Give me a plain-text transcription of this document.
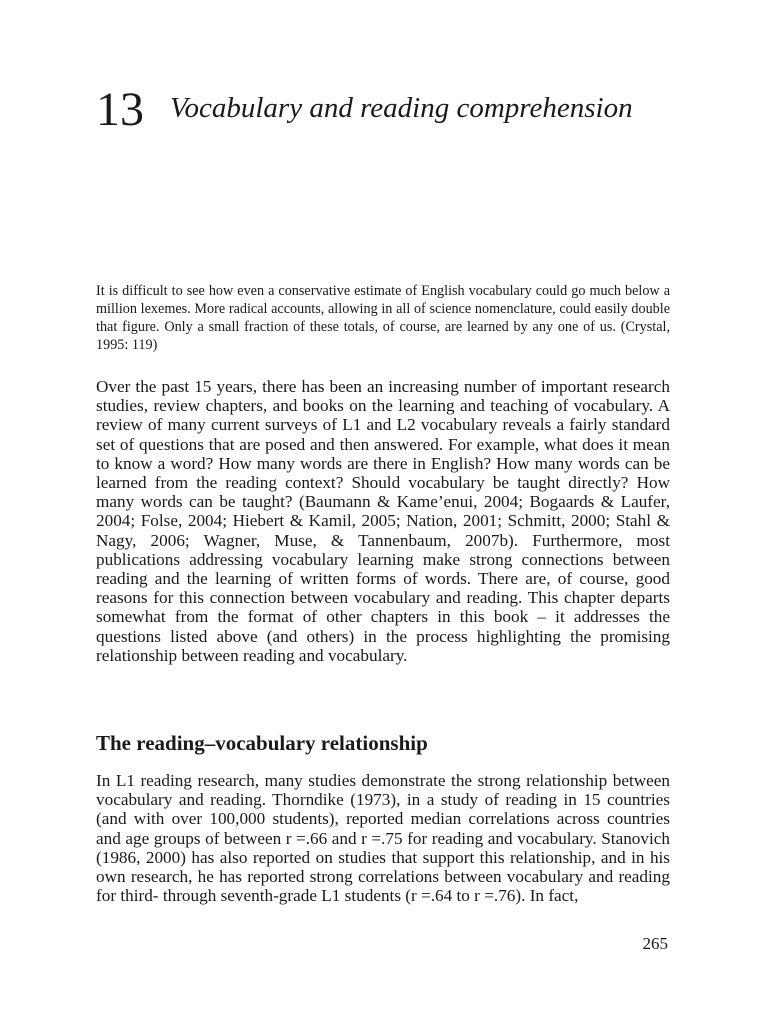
13 Vocabulary and reading comprehension
It is difficult to see how even a conservative estimate of English vocabulary could go much below a million lexemes. More radical accounts, allowing in all of science nomenclature, could easily double that figure. Only a small fraction of these totals, of course, are learned by any one of us. (Crystal, 1995: 119)
Over the past 15 years, there has been an increasing number of important research studies, review chapters, and books on the learning and teaching of vocabulary. A review of many current surveys of L1 and L2 vocabulary reveals a fairly standard set of questions that are posed and then answered. For example, what does it mean to know a word? How many words are there in English? How many words can be learned from the reading context? Should vocabulary be taught directly? How many words can be taught? (Baumann & Kame’enui, 2004; Bogaards & Laufer, 2004; Folse, 2004; Hiebert & Kamil, 2005; Nation, 2001; Schmitt, 2000; Stahl & Nagy, 2006; Wagner, Muse, & Tannenbaum, 2007b). Furthermore, most publications addressing vocabulary learning make strong connections between reading and the learning of written forms of words. There are, of course, good reasons for this connection between vocabulary and reading. This chapter departs somewhat from the format of other chapters in this book – it addresses the questions listed above (and others) in the process highlighting the promising relationship between reading and vocabulary.
The reading–vocabulary relationship
In L1 reading research, many studies demonstrate the strong relationship between vocabulary and reading. Thorndike (1973), in a study of reading in 15 countries (and with over 100,000 students), reported median correlations across countries and age groups of between r =.66 and r =.75 for reading and vocabulary. Stanovich (1986, 2000) has also reported on studies that support this relationship, and in his own research, he has reported strong correlations between vocabulary and reading for third- through seventh-grade L1 students (r =.64 to r =.76). In fact,
265
